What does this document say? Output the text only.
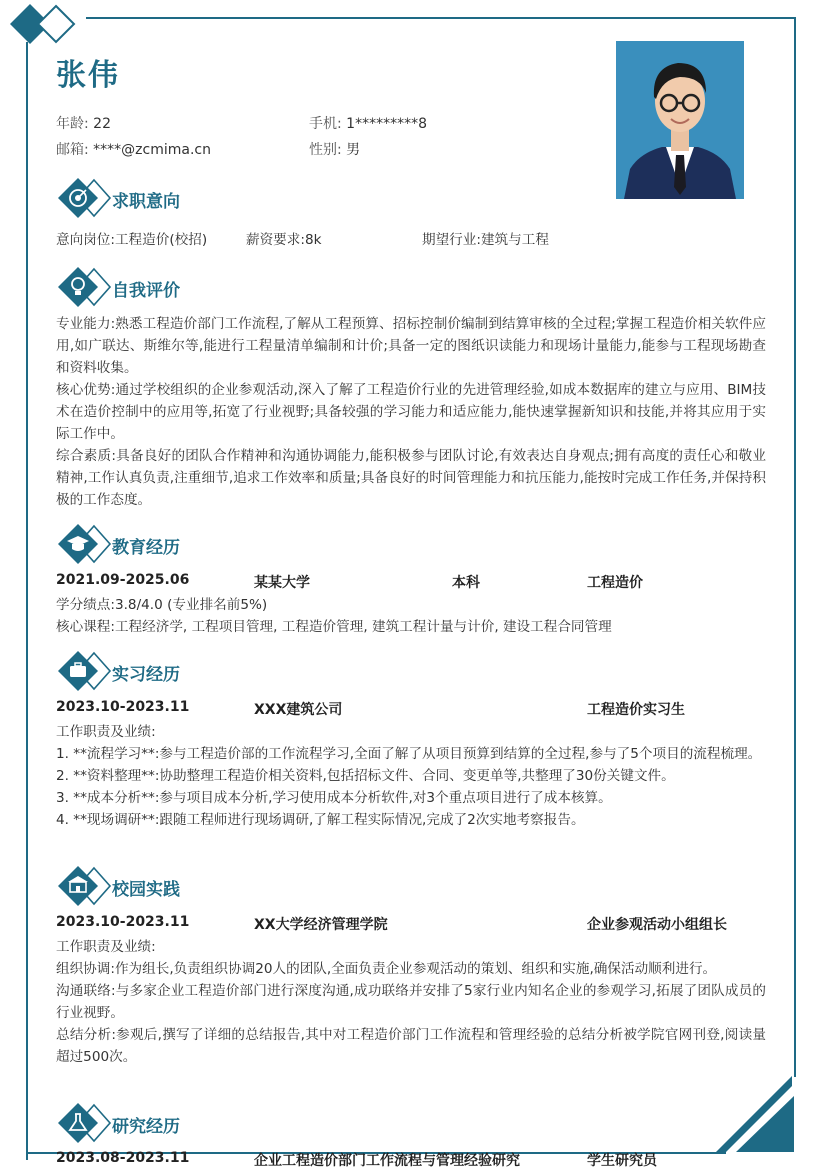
张伟
年龄: 22	手机: 1*********8
邮箱: ****@zcmima.cn	性别: 男
求职意向
意向岗位:工程造价(校招)	薪资要求:8k	期望行业:建筑与工程
自我评价

专业能力:熟悉工程造价部门工作流程,了解从工程预算、招标控制价编制到结算审核的全过程;掌握工程造价相关软件应用,如广联达、斯维尔等,能进行工程量清单编制和计价;具备一定的图纸识读能力和现场计量能力,能参与工程现场勘查和资料收集。

核心优势:通过学校组织的企业参观活动,深入了解了工程造价行业的先进管理经验,如成本数据库的建立与应用、BIM技术在造价控制中的应用等,拓宽了行业视野;具备较强的学习能力和适应能力,能快速掌握新知识和技能,并将其应用于实际工作中。

综合素质:具备良好的团队合作精神和沟通协调能力,能积极参与团队讨论,有效表达自身观点;拥有高度的责任心和敬业精神,工作认真负责,注重细节,追求工作效率和质量;具备良好的时间管理能力和抗压能力,能按时完成工作任务,并保持积极的工作态度。

教育经历
2021.09-2025.06	某某大学	本科	工程造价
学分绩点:3.8/4.0 (专业排名前5%)
核心课程:工程经济学, 工程项目管理, 工程造价管理, 建筑工程计量与计价, 建设工程合同管理
实习经历
2023.10-2023.11	XXX建筑公司	工程造价实习生

工作职责及业绩:

1. **流程学习**:参与工程造价部的工作流程学习,全面了解了从项目预算到结算的全过程,参与了5个项目的流程梳理。

2. **资料整理**:协助整理工程造价相关资料,包括招标文件、合同、变更单等,共整理了30份关键文件。

3. **成本分析**:参与项目成本分析,学习使用成本分析软件,对3个重点项目进行了成本核算。

4. **现场调研**:跟随工程师进行现场调研,了解工程实际情况,完成了2次实地考察报告。

校园实践
2023.10-2023.11	XX大学经济管理学院	企业参观活动小组组长

工作职责及业绩:

组织协调:作为组长,负责组织协调20人的团队,全面负责企业参观活动的策划、组织和实施,确保活动顺利进行。

沟通联络:与多家企业工程造价部门进行深度沟通,成功联络并安排了5家行业内知名企业的参观学习,拓展了团队成员的行业视野。

总结分析:参观后,撰写了详细的总结报告,其中对工程造价部门工作流程和管理经验的总结分析被学院官网刊登,阅读量超过500次。

研究经历
2023.08-2023.11	企业工程造价部门工作流程与管理经验研究	学生研究员
